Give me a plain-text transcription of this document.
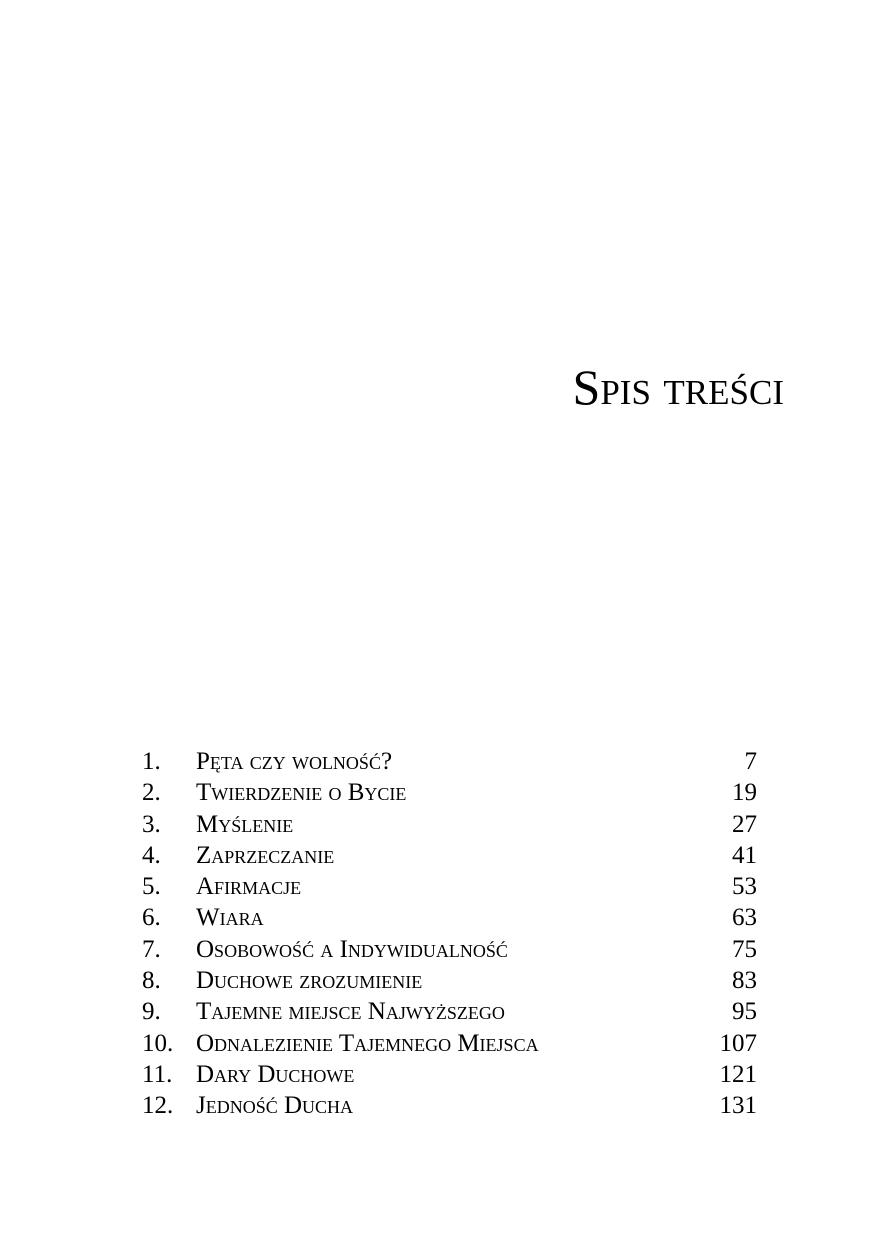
Spis treści
1.	Pęta czy wolność?	7
2.	Twierdzenie o Bycie	19
3.	Myślenie	27
4.	Zaprzeczanie	41
5.	Afirmacje	53
6.	Wiara	63
7.	Osobowość a Indywidualność	75
8.	Duchowe zrozumienie	83
9.	Tajemne miejsce Najwyższego	95
10. Odnalezienie Tajemnego Miejsca	107
11. Dary Duchowe	121
12. Jedność Ducha	131
